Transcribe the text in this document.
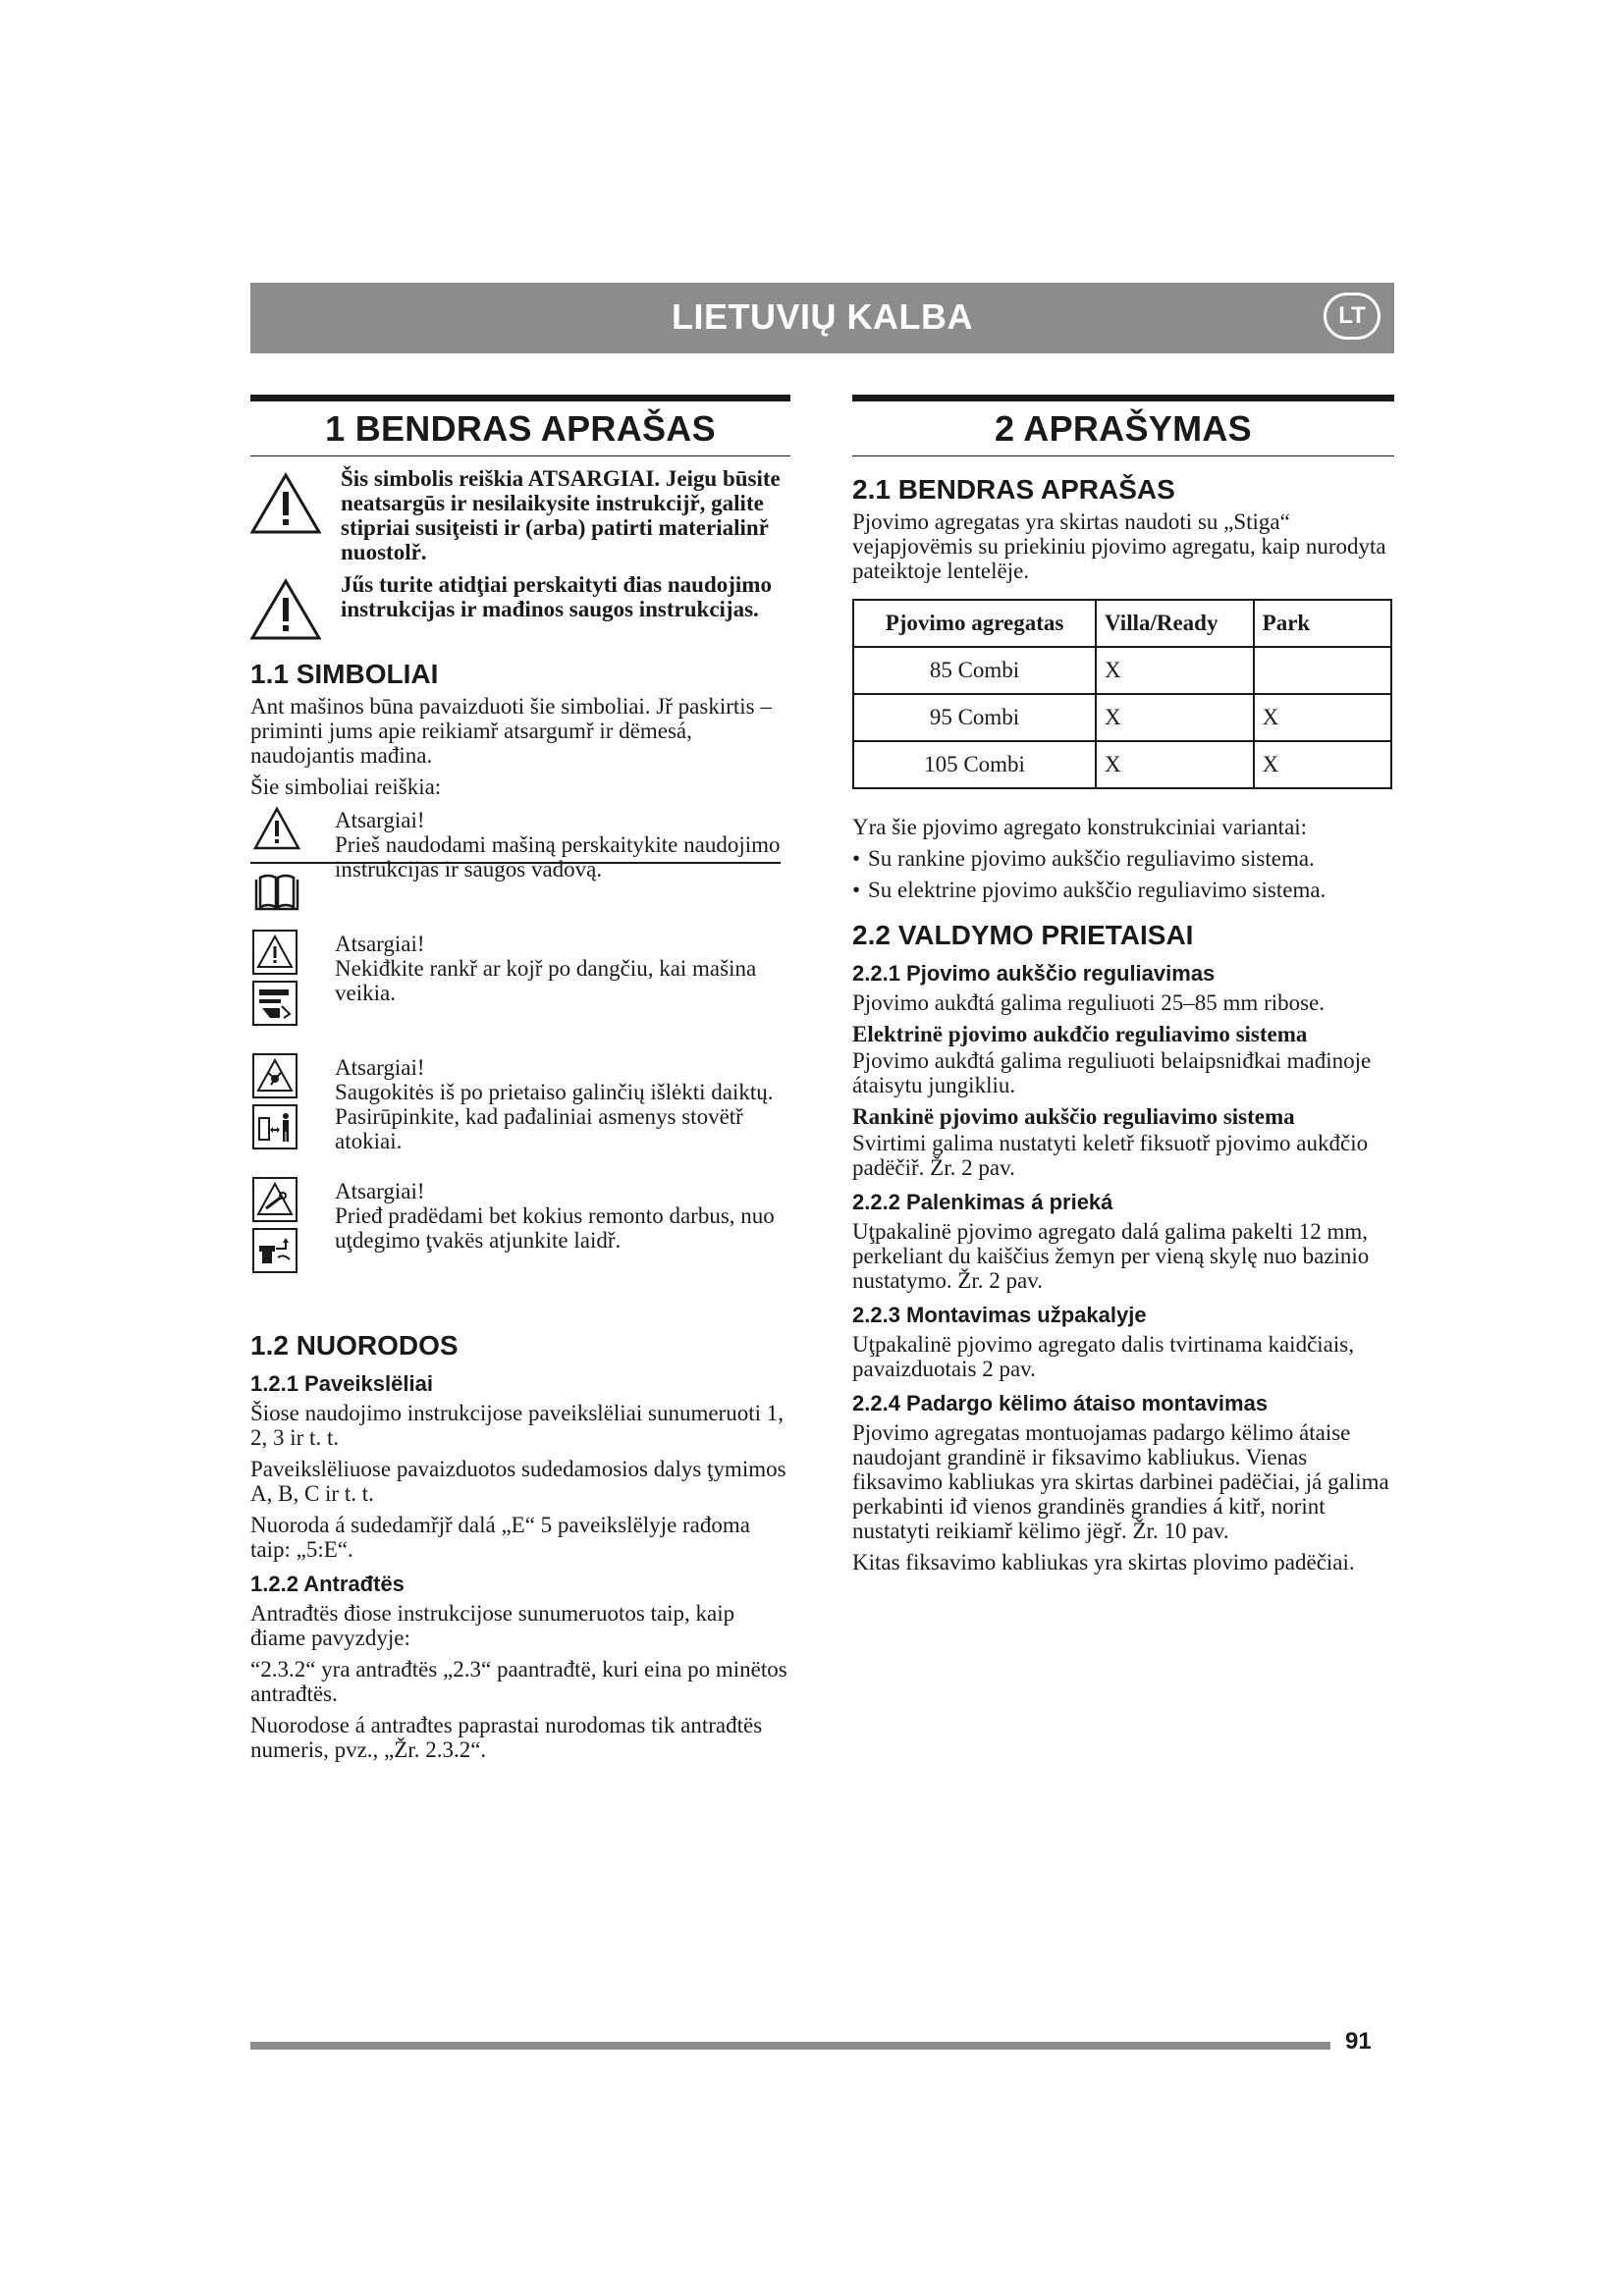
LIETUVIŲ KALBA	LT
1 BENDRAS APRAŠAS

Šis simbolis reiškia ATSARGIAI. Jeigu būsite neatsargūs ir nesilaikysite instrukcijř, galite stipriai susiţeisti ir (arba) patirti materialinř nuostolř.

Jűs turite atidţiai perskaityti đias naudojimo instrukcijas ir mađinos saugos instrukcijas.

1.1 SIMBOLIAI

Ant mašinos būna pavaizduoti šie simboliai. Jř paskirtis – priminti jums apie reikiamř atsargumř ir dëmesá, naudojantis mađina.

Šie simboliai reiškia:

Atsargiai!

Prieš naudodami mašiną perskaitykite naudojimo instrukcijas ir saugos vadovą.

Atsargiai!

Nekiđkite rankř ar kojř po dangčiu, kai mašina veikia.

Atsargiai!

Saugokitės iš po prietaiso galinčių išlėkti daiktų. Pasirūpinkite, kad pađaliniai asmenys stovëtř atokiai.

Atsargiai!

Prieđ pradëdami bet kokius remonto darbus, nuo uţdegimo ţvakës atjunkite laidř.

1.2 NUORODOS
1.2.1 Paveikslëliai

Šiose naudojimo instrukcijose paveikslëliai sunumeruoti 1, 2, 3 ir t. t.

Paveikslëliuose pavaizduotos sudedamosios dalys ţymimos A, B, C ir t. t.

Nuoroda á sudedamřjř dalá „E“ 5 paveikslëlyje rađoma taip: „5:E“.

1.2.2 Antrađtës

Antrađtës điose instrukcijose sunumeruotos taip, kaip điame pavyzdyje:

“2.3.2“ yra antrađtës „2.3“ paantrađtë, kuri eina po minëtos antrađtës.

Nuorodose á antrađtes paprastai nurodomas tik antrađtës numeris, pvz., „Žr. 2.3.2“.

2 APRAŠYMAS
2.1 BENDRAS APRAŠAS

Pjovimo agregatas yra skirtas naudoti su „Stiga“ vejapjovëmis su priekiniu pjovimo agregatu, kaip nurodyta pateiktoje lentelëje.

Pjovimo agregatas	Villa/Ready	Park
85 Combi	X	
95 Combi	X	X
105 Combi	X	X

Yra šie pjovimo agregato konstrukciniai variantai:

• Su rankine pjovimo aukščio reguliavimo sistema.

• Su elektrine pjovimo aukščio reguliavimo sistema.

2.2 VALDYMO PRIETAISAI
2.2.1 Pjovimo aukščio reguliavimas

Pjovimo aukđtá galima reguliuoti 25–85 mm ribose.

Elektrinë pjovimo aukđčio reguliavimo sistema

Pjovimo aukđtá galima reguliuoti belaipsniđkai mađinoje átaisytu jungikliu.

Rankinë pjovimo aukščio reguliavimo sistema

Svirtimi galima nustatyti keletř fiksuotř pjovimo aukđčio padëčiř. Žr. 2 pav.

2.2.2 Palenkimas á prieká

Uţpakalinë pjovimo agregato dalá galima pakelti 12 mm, perkeliant du kaiščius žemyn per vieną skylę nuo bazinio nustatymo. Žr. 2 pav.

2.2.3 Montavimas užpakalyje

Uţpakalinë pjovimo agregato dalis tvirtinama kaidčiais, pavaizduotais 2 pav.

2.2.4 Padargo këlimo átaiso montavimas

Pjovimo agregatas montuojamas padargo këlimo átaise naudojant grandinë ir fiksavimo kabliukus. Vienas fiksavimo kabliukas yra skirtas darbinei padëčiai, já galima perkabinti iđ vienos grandinës grandies á kitř, norint nustatyti reikiamř këlimo jëgř. Žr. 10 pav.

Kitas fiksavimo kabliukas yra skirtas plovimo padëčiai.

91
